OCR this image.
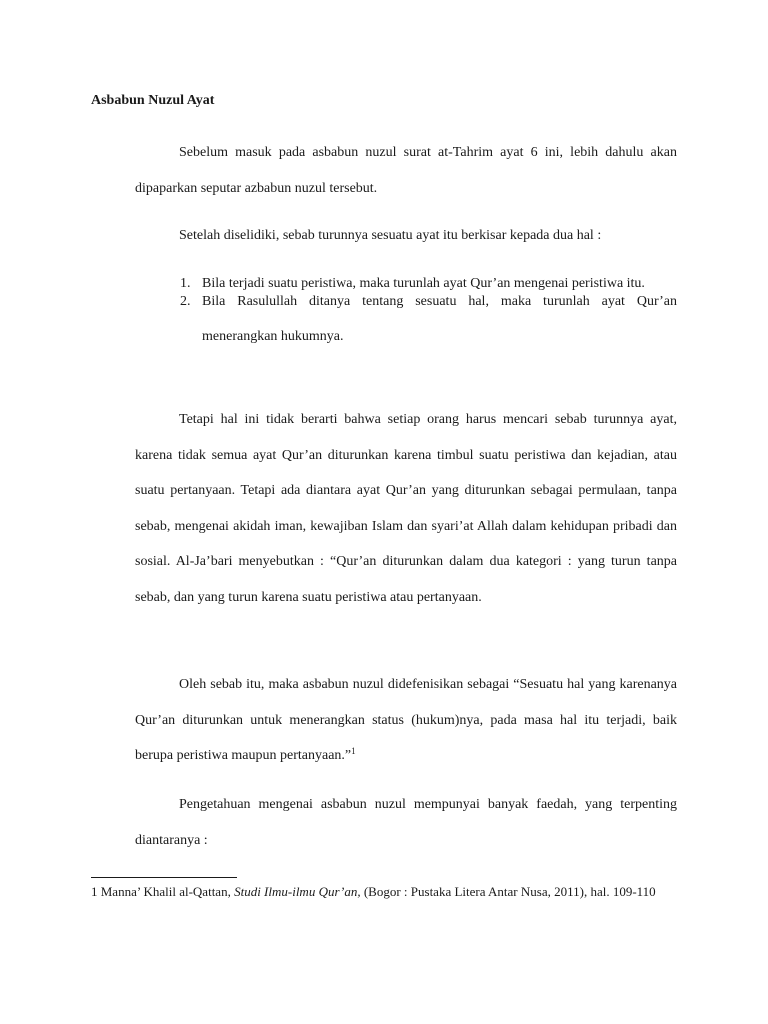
Asbabun Nuzul Ayat

Sebelum masuk pada asbabun nuzul surat at-Tahrim ayat 6 ini, lebih dahulu akan dipaparkan seputar azbabun nuzul tersebut.

Setelah diselidiki, sebab turunnya sesuatu ayat itu berkisar kepada dua hal :

1. Bila terjadi suatu peristiwa, maka turunlah ayat Qur’an mengenai peristiwa itu.
2. Bila Rasulullah ditanya tentang sesuatu hal, maka turunlah ayat Qur’an menerangkan hukumnya.

Tetapi hal ini tidak berarti bahwa setiap orang harus mencari sebab turunnya ayat, karena tidak semua ayat Qur’an diturunkan karena timbul suatu peristiwa dan kejadian, atau suatu pertanyaan. Tetapi ada diantara ayat Qur’an yang diturunkan sebagai permulaan, tanpa sebab, mengenai akidah iman, kewajiban Islam dan syari’at Allah dalam kehidupan pribadi dan sosial. Al-Ja’bari menyebutkan : “Qur’an diturunkan dalam dua kategori : yang turun tanpa sebab, dan yang turun karena suatu peristiwa atau pertanyaan.

Oleh sebab itu, maka asbabun nuzul didefenisikan sebagai “Sesuatu hal yang karenanya Qur’an diturunkan untuk menerangkan status (hukum)nya, pada masa hal itu terjadi, baik berupa peristiwa maupun pertanyaan.”$^1$

Pengetahuan mengenai asbabun nuzul mempunyai banyak faedah, yang terpenting diantaranya :

1 Manna’ Khalil al-Qattan, Studi Ilmu-ilmu Qur’an, (Bogor : Pustaka Litera Antar Nusa, 2011), hal. 109-110
